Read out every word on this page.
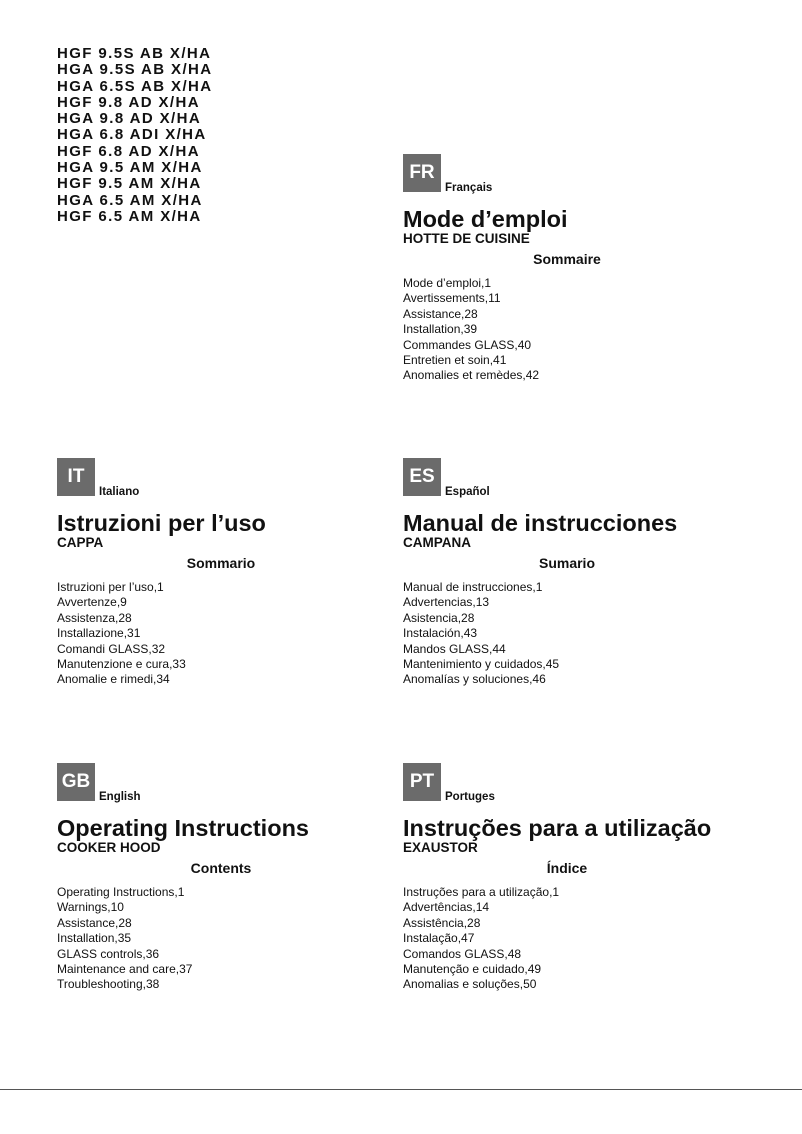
HGF 9.5S AB X/HA
HGA 9.5S AB X/HA
HGA 6.5S AB X/HA
HGF 9.8 AD X/HA
HGA 9.8 AD X/HA
HGA 6.8 ADI X/HA
HGF 6.8 AD X/HA
HGA 9.5 AM X/HA
HGF 9.5 AM X/HA
HGA 6.5 AM X/HA
HGF 6.5 AM X/HA
FR
Français
Mode d’emploi
HOTTE DE CUISINE
Sommaire
Mode d’emploi,1
Avertissements,11
Assistance,28
Installation,39
Commandes GLASS,40
Entretien et soin,41
Anomalies et remèdes,42
IT
Italiano
Istruzioni per l’uso
CAPPA
Sommario
Istruzioni per l’uso,1
Avvertenze,9
Assistenza,28
Installazione,31
Comandi GLASS,32
Manutenzione e cura,33
Anomalie e rimedi,34
ES
Español
Manual de instrucciones
CAMPANA
Sumario
Manual de instrucciones,1
Advertencias,13
Asistencia,28
Instalación,43
Mandos GLASS,44
Mantenimiento y cuidados,45
Anomalías y soluciones,46
GB
English
Operating Instructions
COOKER HOOD
Contents
Operating Instructions,1
Warnings,10
Assistance,28
Installation,35
GLASS controls,36
Maintenance and care,37
Troubleshooting,38
PT
Portuges
Instruções para a utilização
EXAUSTOR
Índice
Instruções para a utilização,1
Advertências,14
Assistência,28
Instalação,47
Comandos GLASS,48
Manutenção e cuidado,49
Anomalias e soluções,50
